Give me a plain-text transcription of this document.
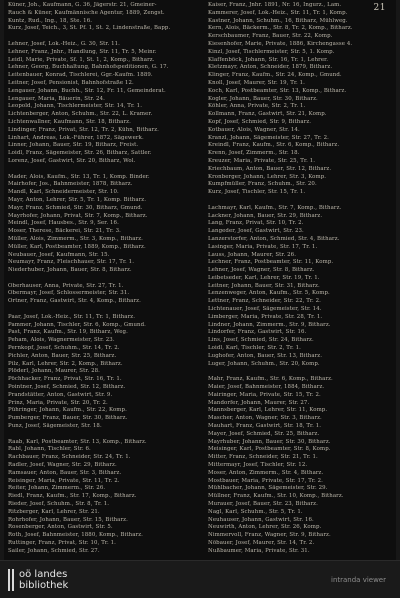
21
Küner, Joh., Kaufmann, G. 36, Jägerstr. 21, Gmeiner-
Rauch & Küner, Kaufmännische Agentur, 1889, Zengst.
Kuntz, Rud., Ing., 18, Ste. 16.
Kurz, Josef, Teich., 3, St. Pf. 1, St. 2, Lindenstraße, Bapp.
Lehner, Josef, Lok.-Heiz., G. 30, Str. 11.
Lehner, Franz, Jnhr., Handlung, Str. 11, Tr. 5, Meinr.
Leidl, Marie, Private, Sf. 1, St. 1, 2, Komp., Bitharz.
Lehner, Georg, Buchhaltung, Bahnhofspeditionen, G. 17.
Leitenbauer, Konrad, Tischlerei, Ggr.-Kaufm. 1889.
Leitner, Josef, Pensionist, Bahnhofstraße 12.
Lengauer, Johann, Buchh., Str. 12, Fr. 11, Gemeinderat.
Lengauer, Maria, Bäuerin, Str. 24.
Leopold, Johann, Tischlermeister, Str. 14, Tr. 1.
Lichtenberger, Anton, Schuhm., Str. 22, L. Kramer.
Lichtenwallner, Kaufmann, Str. 18, Bitharz.
Lindinger, Franz, Privat, Str. 12, Tr. 2, Kühn, Bitharz.
Linhart, Andreas, Lok.-Führer, 1872, Sägewerk.
Linner, Johann, Bauer, Str. 19, Bitharz, Freist.
Loidl, Franz, Sägemeister, Str. 26, Bitharz, Sattler.
Lorenz, Josef, Gastwirt, Str. 20, Bitharz, Wol.
Mader, Alois, Kaufm., Str. 13, Tr. 1, Komp. Binder.
Mairhofer, Jos., Bahnmeister, 1878, Bitharz.
Mandl, Karl, Schneidermeister, Str. 10.
Mayr, Anton, Lehrer, Str. 5, Tr. 1, Komp. Bitharz.
Mayr, Franz, Schmied, Str. 30, Bitharz, Gmund.
Mayrhofer, Johann, Privat, Str. 7, Komp., Bitharz.
Meindl, Josef, Hausbes., Str. 9, Ser. 16.
Moser, Therese, Bäckerei, Str. 21, Tr. 3.
Müller, Alois, Zimmerm., Str. 3, Komp., Bitharz.
Müller, Karl, Postbeamter, 1889, Komp., Bitharz.
Neubauer, Josef, Kaufmann, Str. 15.
Neumayr, Franz, Fleischhauer, Str. 17, Tr. 1.
Niederhuber, Johann, Bauer, Str. 8, Bitharz.
Oberhauser, Anna, Private, Str. 27, Tr. 1.
Obermayr, Josef, Schlossermeister, Str. 31.
Ortner, Franz, Gastwirt, Str. 4, Komp., Bitharz.
Paar, Josef, Lok.-Heiz., Str. 11, Tr. 1, Bitharz.
Pammer, Johann, Tischler, Str. 6, Komp., Gmund.
Past, Franz, Kaufm., Str. 19, Bitharz, Weg.
Peham, Alois, Wagnermeister, Str. 23.
Pernkopf, Josef, Schuhm., Str. 14, Tr. 2.
Pichler, Anton, Bauer, Str. 25, Bitharz.
Pilz, Karl, Lehrer, Str. 2, Komp., Bitharz.
Plöderl, Johann, Maurer, Str. 28.
Pöchhacker, Franz, Privat, Str. 16, Tr. 1.
Pointner, Josef, Schmied, Str. 12, Bitharz.
Prandstätter, Anton, Gastwirt, Str. 9.
Prinz, Maria, Private, Str. 20, Tr. 2.
Pühringer, Johann, Kaufm., Str. 22, Komp.
Pumberger, Franz, Bauer, Str. 30, Bitharz.
Punz, Josef, Sägemeister, Str. 18.
Raab, Karl, Postbeamter, Str. 13, Komp., Bitharz.
Rabl, Johann, Tischler, Str. 6.
Rachbauer, Franz, Schneider, Str. 24, Tr. 1.
Radler, Josef, Wagner, Str. 29, Bitharz.
Ramsauer, Anton, Bauer, Str. 3, Bitharz.
Reisinger, Maria, Private, Str. 11, Tr. 2.
Reiter, Johann, Zimmerm., Str. 26.
Riedl, Franz, Kaufm., Str. 17, Komp., Bitharz.
Rieder, Josef, Schuhm., Str. 8, Tr. 1.
Ritzberger, Karl, Lehrer, Str. 21.
Rohrhofer, Johann, Bauer, Str. 15, Bitharz.
Rosenberger, Anton, Gastwirt, Str. 5.
Roth, Josef, Bahnmeister, 1880, Komp., Bitharz.
Ruttinger, Franz, Privat, Str. 10, Tr. 1.
Sailer, Johann, Schmied, Str. 27.
Kaiser, Franz, Jnhr. 1891, Nr. 16, Ingurz., Lam.
Kammerer, Josef, Lok.-Heiz., Str. 11, Tr. 1, Komp.
Kastner, Johann, Schuhm., 16, Bitharz, Mühlweg.
Kern, Alois, Bäckerm., Str. 8, Tr. 2, Komp., Bitharz.
Kerschbaumer, Franz, Bauer, Str. 22, Komp.
Kiesenhofer, Marie, Private, 1886, Kirchengasse 4.
Kinzl, Josef, Tischlermeister, Str. 5, 1. Komp.
Klaffenböck, Johann, Str. 16, Tr. 1, Lehrer.
Kletzmayr, Anton, Schneider, 1879, Bitharz.
Klinger, Franz, Kaufm., Str. 24, Komp., Gmund.
Knoll, Josef, Maurer, Str. 19, Tr. 1.
Koch, Karl, Postbeamter, Str. 13, Komp., Bitharz.
Kogler, Johann, Bauer, Str. 30, Bitharz.
Köhler, Anna, Private, Str. 2, Tr. 1.
Kollmann, Franz, Gastwirt, Str. 21, Komp.
Kopf, Josef, Schmied, Str. 9, Bitharz.
Kotbauer, Alois, Wagner, Str. 14.
Kranzl, Johann, Sägemeister, Str. 27, Tr. 2.
Kreindl, Franz, Kaufm., Str. 6, Komp., Bitharz.
Krenn, Josef, Zimmerm., Str. 18.
Kreuzer, Maria, Private, Str. 25, Tr. 1.
Kriechbaum, Anton, Bauer, Str. 12, Bitharz.
Kronberger, Johann, Lehrer, Str. 3, Komp.
Kumpfmüller, Franz, Schuhm., Str. 20.
Kurz, Josef, Tischler, Str. 15, Tr. 1.
Lachmayr, Karl, Kaufm., Str. 7, Komp., Bitharz.
Lackner, Johann, Bauer, Str. 29, Bitharz.
Lang, Franz, Privat, Str. 10, Tr. 2.
Langeder, Josef, Gastwirt, Str. 23.
Lanzerstorfer, Anton, Schmied, Str. 4, Bitharz.
Lasinger, Maria, Private, Str. 17, Tr. 1.
Lauss, Johann, Maurer, Str. 26.
Lechner, Franz, Postbeamter, Str. 11, Komp.
Lehner, Josef, Wagner, Str. 8, Bitharz.
Leibetseder, Karl, Lehrer, Str. 19, Tr. 1.
Leitner, Johann, Bauer, Str. 31, Bitharz.
Lenzenweger, Anton, Kaufm., Str. 5, Komp.
Lettner, Franz, Schneider, Str. 22, Tr. 2.
Lichtenauer, Josef, Sägemeister, Str. 14.
Limberger, Maria, Private, Str. 28, Tr. 1.
Lindner, Johann, Zimmerm., Str. 9, Bitharz.
Lindorfer, Franz, Gastwirt, Str. 16.
Lins, Josef, Schmied, Str. 24, Bitharz.
Loidl, Karl, Tischler, Str. 2, Tr. 1.
Lughofer, Anton, Bauer, Str. 13, Bitharz.
Luger, Johann, Schuhm., Str. 20, Komp.
Mahr, Franz, Kaufm., Str. 6, Komp., Bitharz.
Maier, Josef, Bahnmeister, 1884, Bitharz.
Mairinger, Maria, Private, Str. 15, Tr. 2.
Mandorfer, Johann, Maurer, Str. 27.
Mannsberger, Karl, Lehrer, Str. 11, Komp.
Mascher, Anton, Wagner, Str. 3, Bitharz.
Mauhart, Franz, Gastwirt, Str. 18, Tr. 1.
Mayer, Josef, Schmied, Str. 25, Bitharz.
Mayrhuber, Johann, Bauer, Str. 30, Bitharz.
Meisinger, Karl, Postbeamter, Str. 8, Komp.
Mitter, Franz, Schneider, Str. 21, Tr. 1.
Mittermayr, Josef, Tischler, Str. 12.
Moser, Anton, Zimmerm., Str. 4, Bitharz.
Mostbauer, Maria, Private, Str. 17, Tr. 2.
Mühlbacher, Johann, Sägemeister, Str. 29.
Müllner, Franz, Kaufm., Str. 10, Komp., Bitharz.
Murauer, Josef, Bauer, Str. 23, Bitharz.
Nagl, Karl, Schuhm., Str. 5, Tr. 1.
Neuhauser, Johann, Gastwirt, Str. 16.
Neuwirth, Anton, Lehrer, Str. 26, Komp.
Nimmervoll, Franz, Wagner, Str. 9, Bitharz.
Nöbauer, Josef, Maurer, Str. 14, Tr. 2.
Nußbaumer, Maria, Private, Str. 31.
oö landes
bibliothek	intranda viewer
